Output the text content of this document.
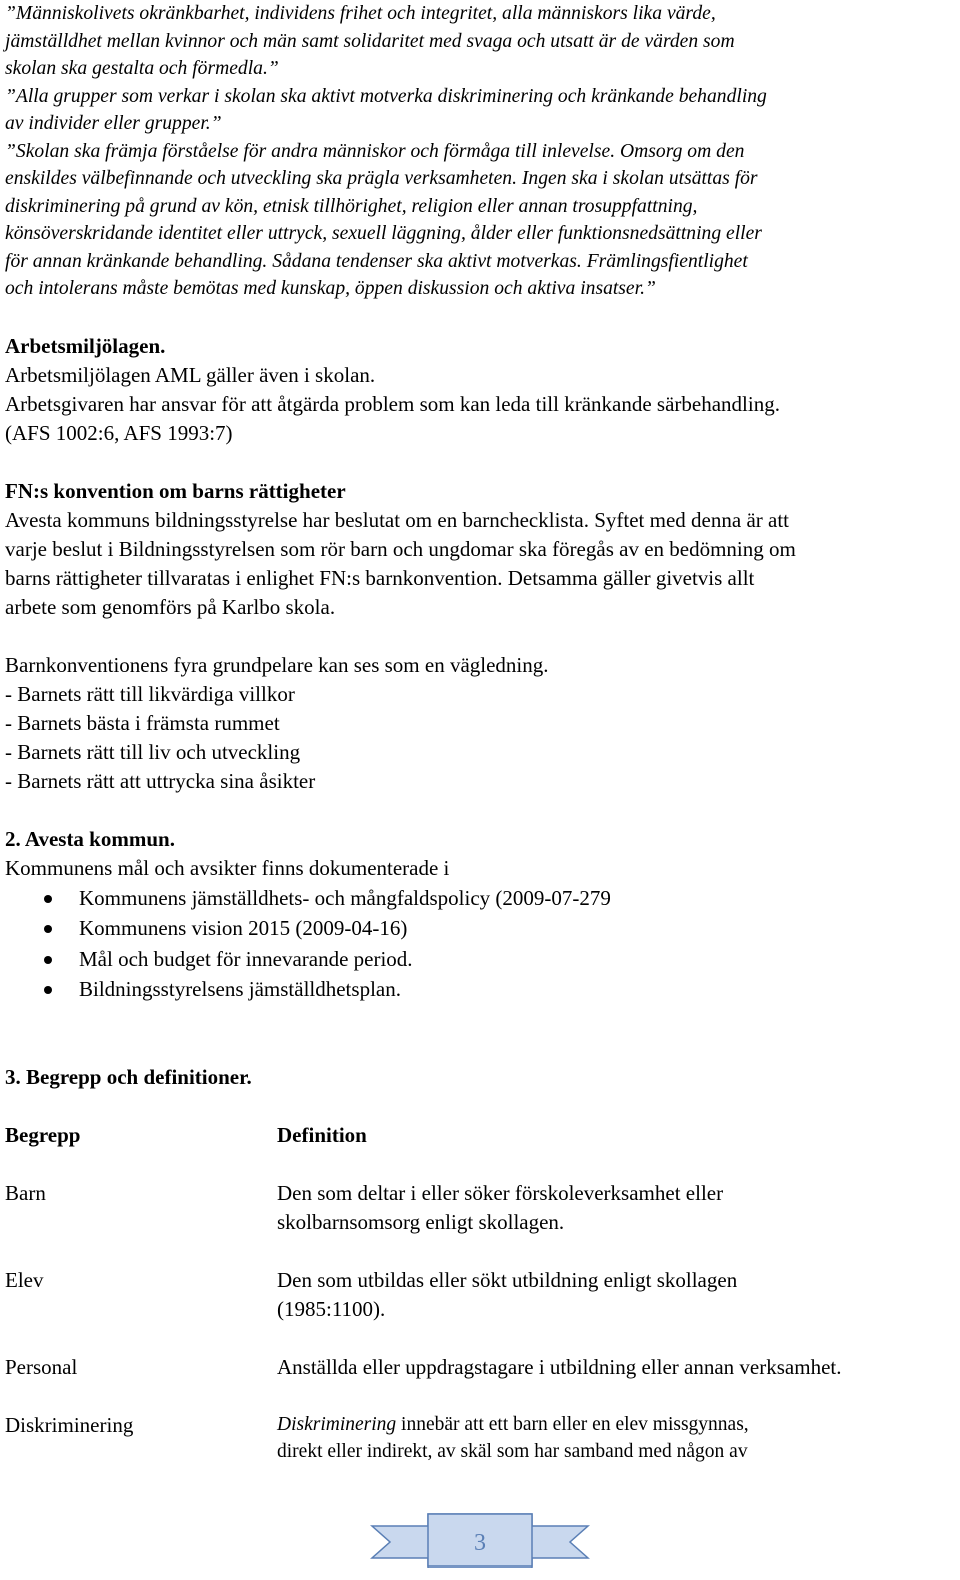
”Människolivets okränkbarhet, individens frihet och integritet, alla människors lika värde,

jämställdhet mellan kvinnor och män samt solidaritet med svaga och utsatt är de värden som

skolan ska gestalta och förmedla.”

”Alla grupper som verkar i skolan ska aktivt motverka diskriminering och kränkande behandling

av individer eller grupper.”

”Skolan ska främja förståelse för andra människor och förmåga till inlevelse. Omsorg om den

enskildes välbefinnande och utveckling ska prägla verksamheten. Ingen ska i skolan utsättas för

diskriminering på grund av kön, etnisk tillhörighet, religion eller annan trosuppfattning,

könsöverskridande identitet eller uttryck, sexuell läggning, ålder eller funktionsnedsättning eller

för annan kränkande behandling. Sådana tendenser ska aktivt motverkas. Främlingsfientlighet

och intolerans måste bemötas med kunskap, öppen diskussion och aktiva insatser.”

Arbetsmiljölagen.

Arbetsmiljölagen AML gäller även i skolan.

Arbetsgivaren har ansvar för att åtgärda problem som kan leda till kränkande särbehandling.

(AFS 1002:6, AFS 1993:7)

FN:s konvention om barns rättigheter

Avesta kommuns bildningsstyrelse har beslutat om en barnchecklista. Syftet med denna är att

varje beslut i Bildningsstyrelsen som rör barn och ungdomar ska föregås av en bedömning om

barns rättigheter tillvaratas i enlighet FN:s barnkonvention. Detsamma gäller givetvis allt

arbete som genomförs på Karlbo skola.

Barnkonventionens fyra grundpelare kan ses som en vägledning.

- Barnets rätt till likvärdiga villkor

- Barnets bästa i främsta rummet

- Barnets rätt till liv och utveckling

- Barnets rätt att uttrycka sina åsikter

2. Avesta kommun.

Kommunens mål och avsikter finns dokumenterade i

Kommunens jämställdhets- och mångfaldspolicy (2009-07-279
Kommunens vision 2015 (2009-04-16)
Mål och budget för innevarande period.
Bildningsstyrelsens jämställdhetsplan.

3. Begrepp och definitioner.

Begrepp	Definition
Barn	Den som deltar i eller söker förskoleverksamhet eller
skolbarnsomsorg enligt skollagen.
Elev	Den som utbildas eller sökt utbildning enligt skollagen
(1985:1100).
Personal	Anställda eller uppdragstagare i utbildning eller annan verksamhet.
Diskriminering	Diskriminering innebär att ett barn eller en elev missgynnas,
direkt eller indirekt, av skäl som har samband med någon av
3
